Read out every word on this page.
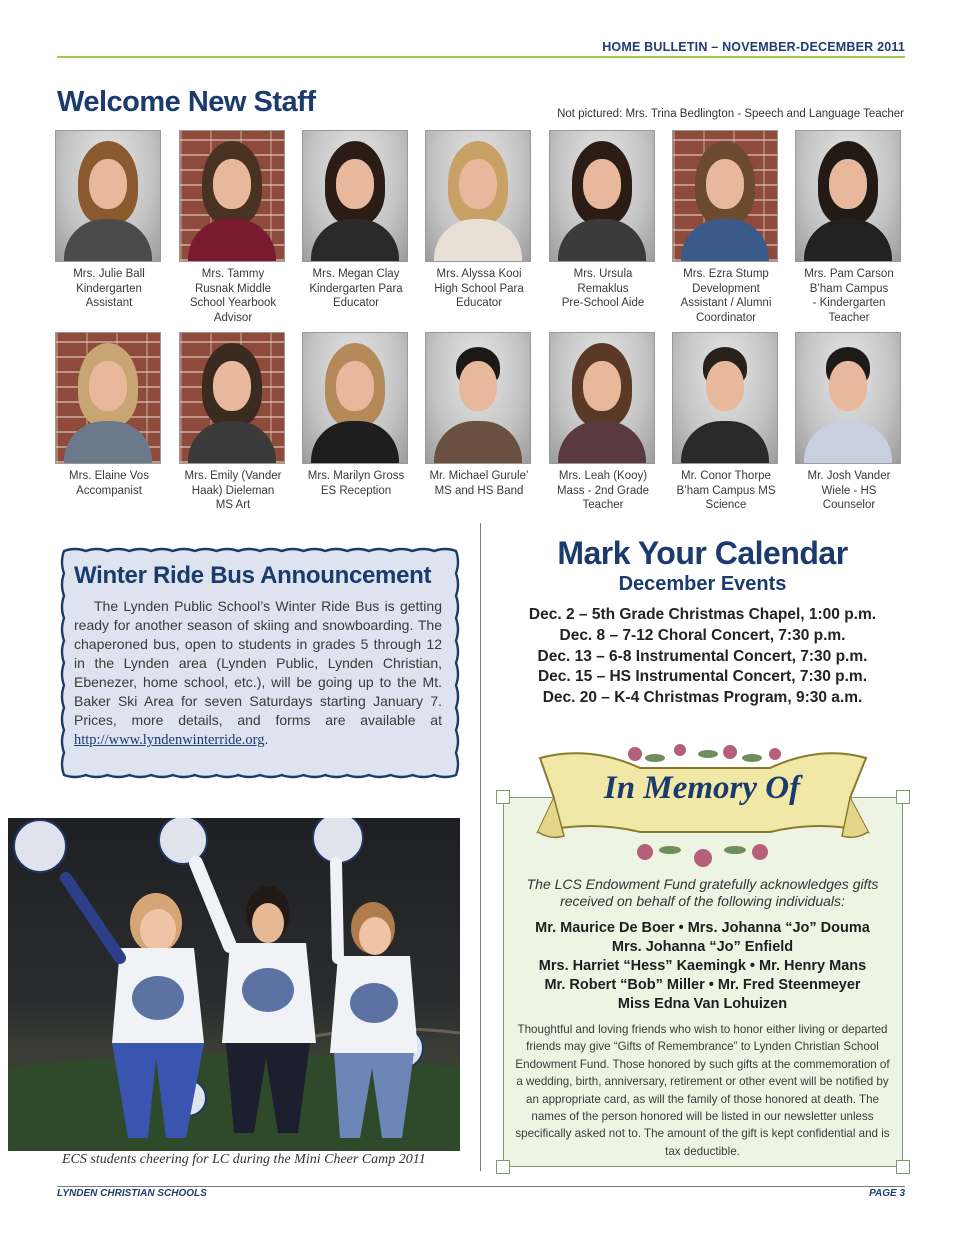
HOME BULLETIN – NOVEMBER-DECEMBER 2011
Welcome New Staff	Not pictured: Mrs. Trina Bedlington - Speech and Language Teacher
Mrs. Julie Ball
Kindergarten
Assistant
Mrs. Tammy
Rusnak Middle
School Yearbook
Advisor
Mrs. Megan Clay
Kindergarten Para
Educator
Mrs. Alyssa Kooi
High School Para
Educator
Mrs. Ursula
Remaklus
Pre-School Aide
Mrs. Ezra Stump
Development
Assistant / Alumni
Coordinator
Mrs. Pam Carson
B’ham Campus
- Kindergarten
Teacher
Mrs. Elaine Vos
Accompanist
Mrs. Emily (Vander
Haak) Dieleman
MS Art
Mrs. Marilyn Gross
ES Reception
Mr. Michael Gurule’
MS and HS Band
Mrs. Leah (Kooy)
Mass - 2nd Grade
Teacher
Mr. Conor Thorpe
B’ham Campus MS
Science
Mr. Josh Vander
Wiele - HS
Counselor
Winter Ride Bus Announcement
The Lynden Public School’s Winter Ride Bus is getting ready for another season of skiing and snowboarding. The chaperoned bus, open to students in grades 5 through 12 in the Lynden area (Lynden Public, Lynden Christian, Ebenezer, home school, etc.), will be going up to the Mt. Baker Ski Area for seven Saturdays starting January 7. Prices, more details, and forms are available at http://www.lyndenwinterride.org.
Mark Your Calendar
December Events
Dec. 2 – 5th Grade Christmas Chapel, 1:00 p.m.
Dec. 8 – 7-12 Choral Concert, 7:30 p.m.
Dec. 13 – 6-8 Instrumental Concert, 7:30 p.m.
Dec. 15 – HS Instrumental Concert, 7:30 p.m.
Dec. 20 – K-4 Christmas Program, 9:30 a.m.
In Memory Of
The LCS Endowment Fund gratefully acknowledges gifts received on behalf of the following individuals:
Mr. Maurice De Boer • Mrs. Johanna “Jo” Douma
Mrs. Johanna “Jo” Enfield
Mrs. Harriet “Hess” Kaemingk • Mr. Henry Mans
Mr. Robert “Bob” Miller • Mr. Fred Steenmeyer
Miss Edna Van Lohuizen
Thoughtful and loving friends who wish to honor either living or departed friends may give “Gifts of Remembrance” to Lynden Christian School Endowment Fund. Those honored by such gifts at the commemoration of a wedding, birth, anniversary, retirement or other event will be notified by an appropriate card, as will the family of those honored at death. The names of the person honored will be listed in our newsletter unless specifically asked not to. The amount of the gift is kept confidential and is tax deductible.
ECS students cheering for LC during the Mini Cheer Camp 2011
LYNDEN CHRISTIAN SCHOOLS	PAGE 3
